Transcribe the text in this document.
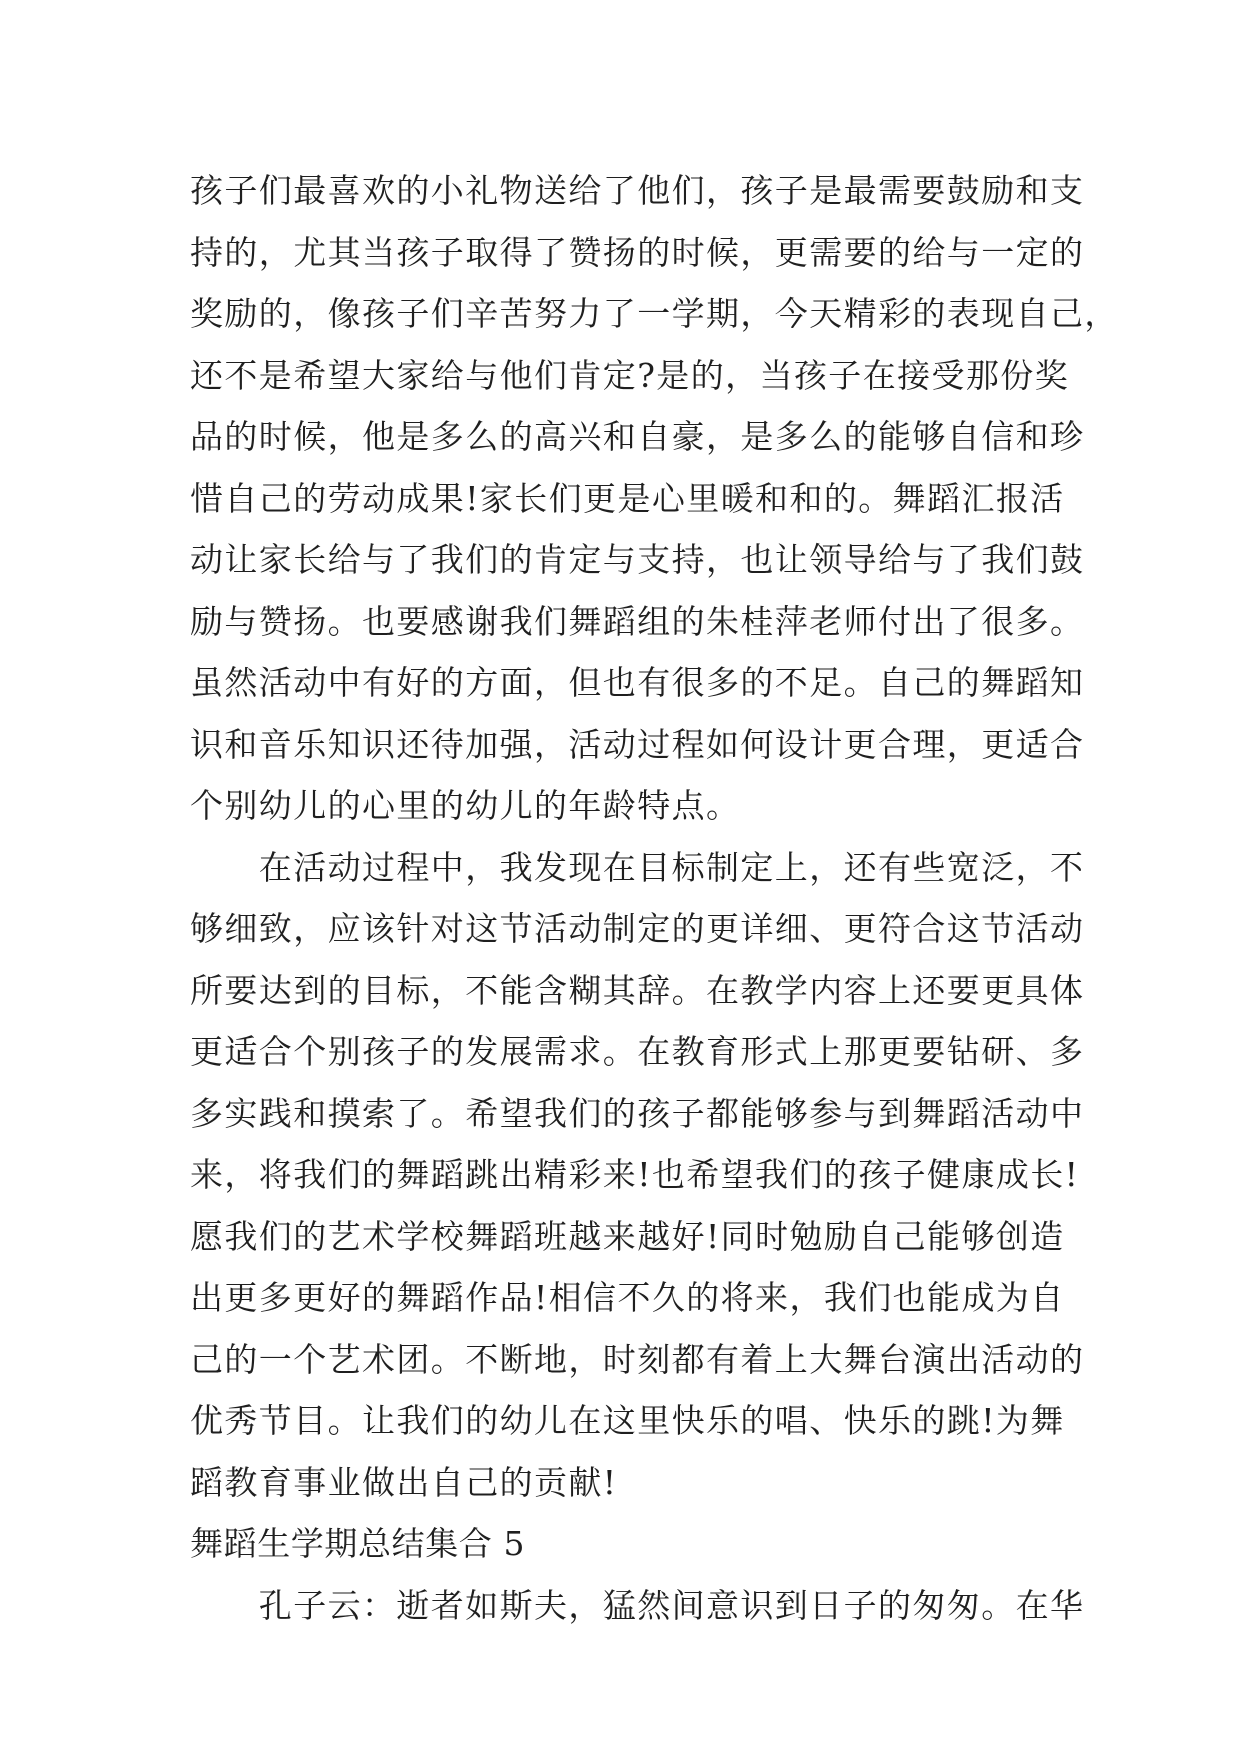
孩子们最喜欢的小礼物送给了他们，孩子是最需要鼓励和支
持的，尤其当孩子取得了赞扬的时候，更需要的给与一定的
奖励的，像孩子们辛苦努力了一学期，今天精彩的表现自己，
还不是希望大家给与他们肯定?是的，当孩子在接受那份奖
品的时候，他是多么的高兴和自豪，是多么的能够自信和珍
惜自己的劳动成果!家长们更是心里暖和和的。舞蹈汇报活
动让家长给与了我们的肯定与支持，也让领导给与了我们鼓
励与赞扬。也要感谢我们舞蹈组的朱桂萍老师付出了很多。
虽然活动中有好的方面，但也有很多的不足。自己的舞蹈知
识和音乐知识还待加强，活动过程如何设计更合理，更适合
个别幼儿的心里的幼儿的年龄特点。
　　在活动过程中，我发现在目标制定上，还有些宽泛，不
够细致，应该针对这节活动制定的更详细、更符合这节活动
所要达到的目标，不能含糊其辞。在教学内容上还要更具体
更适合个别孩子的发展需求。在教育形式上那更要钻研、多
多实践和摸索了。希望我们的孩子都能够参与到舞蹈活动中
来，将我们的舞蹈跳出精彩来!也希望我们的孩子健康成长!
愿我们的艺术学校舞蹈班越来越好!同时勉励自己能够创造
出更多更好的舞蹈作品!相信不久的将来，我们也能成为自
己的一个艺术团。不断地，时刻都有着上大舞台演出活动的
优秀节目。让我们的幼儿在这里快乐的唱、快乐的跳!为舞
蹈教育事业做出自己的贡献!
舞蹈生学期总结集合 5
　　孔子云：逝者如斯夫，猛然间意识到日子的匆匆。在华
